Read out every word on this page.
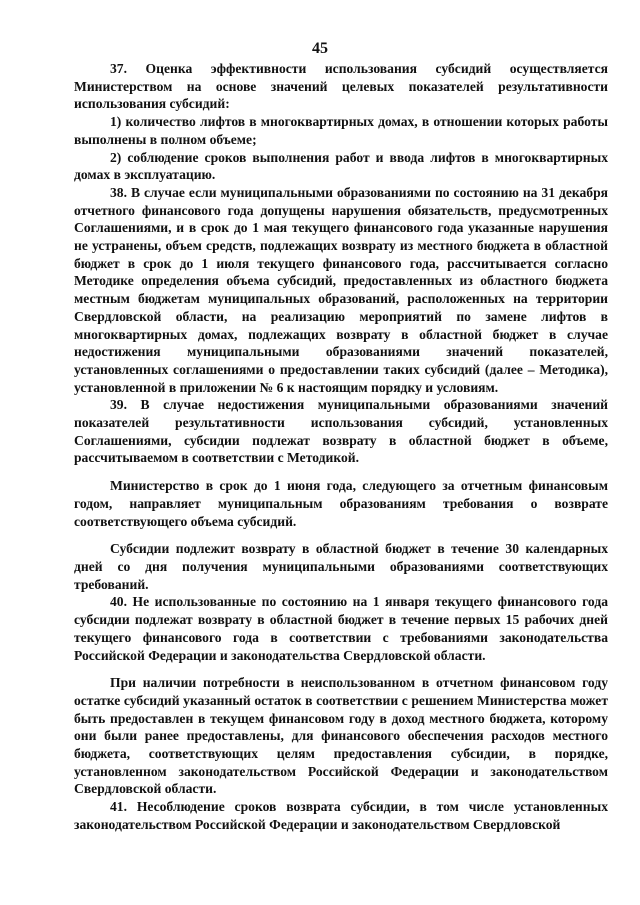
45

37. Оценка эффективности использования субсидий осуществляется Министерством на основе значений целевых показателей результативности использования субсидий:

1) количество лифтов в многоквартирных домах, в отношении которых работы выполнены в полном объеме;

2) соблюдение сроков выполнения работ и ввода лифтов в многоквартирных домах в эксплуатацию.

38. В случае если муниципальными образованиями по состоянию на 31 декабря отчетного финансового года допущены нарушения обязательств, предусмотренных Соглашениями, и в срок до 1 мая текущего финансового года указанные нарушения не устранены, объем средств, подлежащих возврату из местного бюджета в областной бюджет в срок до 1 июля текущего финансового года, рассчитывается согласно Методике определения объема субсидий, предоставленных из областного бюджета местным бюджетам муниципальных образований, расположенных на территории Свердловской области, на реализацию мероприятий по замене лифтов в многоквартирных домах, подлежащих возврату в областной бюджет в случае недостижения муниципальными образованиями значений показателей, установленных соглашениями о предоставлении таких субсидий (далее – Методика), установленной в приложении № 6 к настоящим порядку и условиям.

39. В случае недостижения муниципальными образованиями значений показателей результативности использования субсидий, установленных Соглашениями, субсидии подлежат возврату в областной бюджет в объеме, рассчитываемом в соответствии с Методикой.

Министерство в срок до 1 июня года, следующего за отчетным финансовым годом, направляет муниципальным образованиям требования о возврате соответствующего объема субсидий.

Субсидии подлежит возврату в областной бюджет в течение 30 календарных дней со дня получения муниципальными образованиями соответствующих требований.

40. Не использованные по состоянию на 1 января текущего финансового года субсидии подлежат возврату в областной бюджет в течение первых 15 рабочих дней текущего финансового года в соответствии с требованиями законодательства Российской Федерации и законодательства Свердловской области.

При наличии потребности в неиспользованном в отчетном финансовом году остатке субсидий указанный остаток в соответствии с решением Министерства может быть предоставлен в текущем финансовом году в доход местного бюджета, которому они были ранее предоставлены, для финансового обеспечения расходов местного бюджета, соответствующих целям предоставления субсидии, в порядке, установленном законодательством Российской Федерации и законодательством Свердловской области.

41. Несоблюдение сроков возврата субсидии, в том числе установленных законодательством Российской Федерации и законодательством Свердловской
